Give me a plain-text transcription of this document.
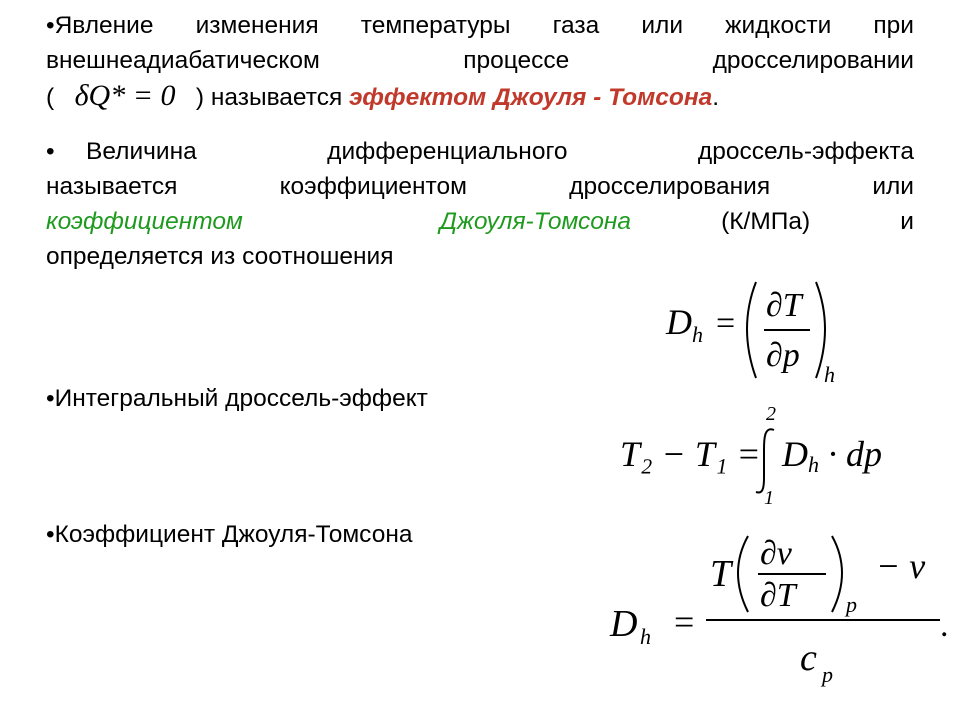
•Явление изменения температуры газа или жидкости при
внешнеадиабатическом процессе дросселировании
( δQ* = 0 ) называется эффектом Джоуля - Томсона.
•	Величина дифференциального дроссель-эффекта
называется коэффициентом дросселирования или
коэффициентом Джоуля-Томсона	(К/МПа)	и
определяется из соотношения
D h = ∂T
∂p
h
•Интегральный дроссель-эффект
T₂ − T₁ =
2
1
D h · dp
•Коэффициент Джоуля-Томсона
D h =
T ∂v
∂T p
− v
.
c p
